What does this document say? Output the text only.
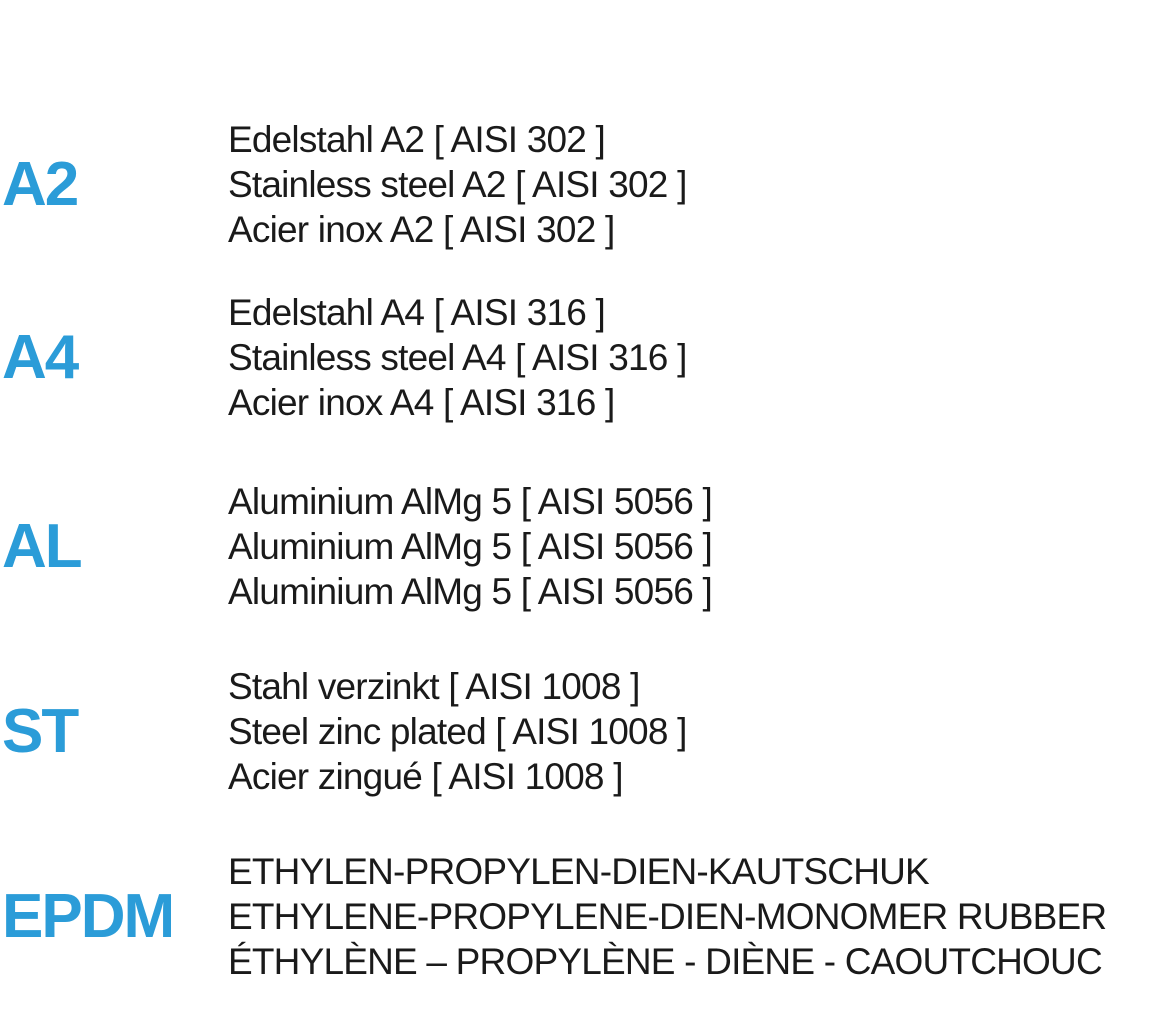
A2
Edelstahl A2 [ AISI 302 ]
Stainless steel A2 [ AISI 302 ]
Acier inox A2 [ AISI 302 ]
A4
Edelstahl A4 [ AISI 316 ]
Stainless steel A4 [ AISI 316 ]
Acier inox A4 [ AISI 316 ]
AL
Aluminium AlMg 5 [ AISI 5056 ]
Aluminium AlMg 5 [ AISI 5056 ]
Aluminium AlMg 5 [ AISI 5056 ]
ST
Stahl verzinkt [ AISI 1008 ]
Steel zinc plated [ AISI 1008 ]
Acier zingué [ AISI 1008 ]
EPDM
ETHYLEN-PROPYLEN-DIEN-KAUTSCHUK
ETHYLENE-PROPYLENE-DIEN-MONOMER RUBBER
ÉTHYLÈNE – PROPYLÈNE - DIÈNE - CAOUTCHOUC
